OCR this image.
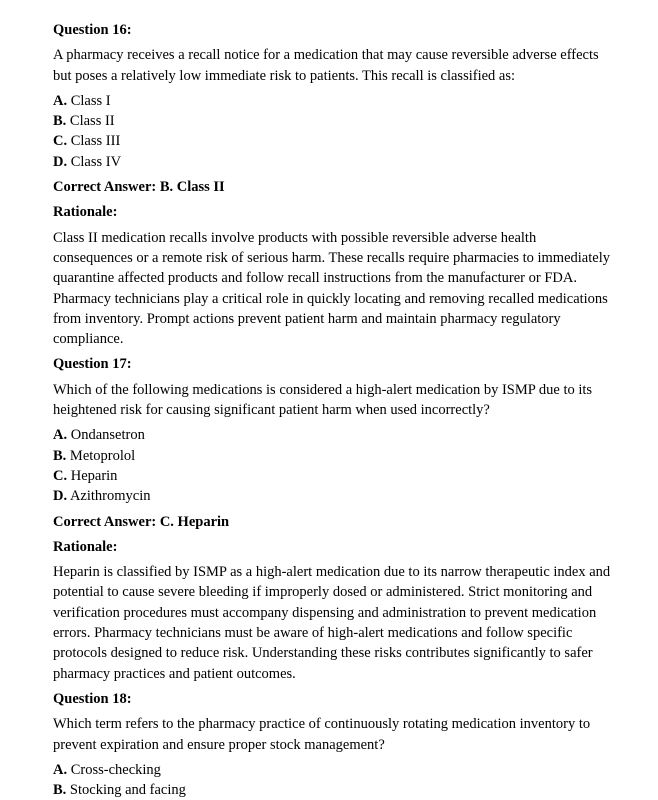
Question 16:

A pharmacy receives a recall notice for a medication that may cause reversible adverse effects but poses a relatively low immediate risk to patients. This recall is classified as:

A. Class I
B. Class II
C. Class III
D. Class IV

Correct Answer: B. Class II

Rationale:

Class II medication recalls involve products with possible reversible adverse health consequences or a remote risk of serious harm. These recalls require pharmacies to immediately quarantine affected products and follow recall instructions from the manufacturer or FDA. Pharmacy technicians play a critical role in quickly locating and removing recalled medications from inventory. Prompt actions prevent patient harm and maintain pharmacy regulatory compliance.

Question 17:

Which of the following medications is considered a high-alert medication by ISMP due to its heightened risk for causing significant patient harm when used incorrectly?

A. Ondansetron
B. Metoprolol
C. Heparin
D. Azithromycin

Correct Answer: C. Heparin

Rationale:

Heparin is classified by ISMP as a high-alert medication due to its narrow therapeutic index and potential to cause severe bleeding if improperly dosed or administered. Strict monitoring and verification procedures must accompany dispensing and administration to prevent medication errors. Pharmacy technicians must be aware of high-alert medications and follow specific protocols designed to reduce risk. Understanding these risks contributes significantly to safer pharmacy practices and patient outcomes.

Question 18:

Which term refers to the pharmacy practice of continuously rotating medication inventory to prevent expiration and ensure proper stock management?

A. Cross-checking
B. Stocking and facing
